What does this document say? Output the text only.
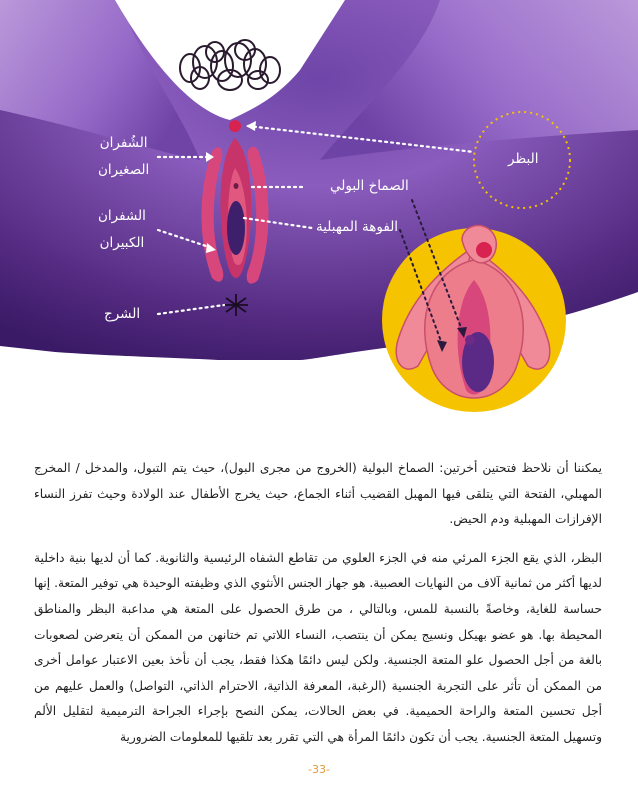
الشُفران
الصغيران
الشفران
الكبيران
الشرج
الصماخ البولي
الفوهة المهبلية
البظر

يمكننا أن نلاحظ فتحتين أخرتين: الصماخ البولية (الخروج من مجرى البول)، حيث يتم التبول، والمدخل / المخرج المهبلي، الفتحة التي يتلقى فيها المهبل القضيب أثناء الجماع، حيث يخرج الأطفال عند الولادة وحيث تفرز النساء الإفرازات المهبلية ودم الحيض.

البظر، الذي يقع الجزء المرئي منه في الجزء العلوي من تقاطع الشفاه الرئيسية والثانوية. كما أن لديها بنية داخلية لديها أكثر من ثمانية آلاف من النهايات العصبية. هو جهاز الجنس الأنثوي الذي وظيفته الوحيدة هي توفير المتعة. إنها حساسة للغاية، وخاصةً بالنسبة للمس، وبالتالي ، من طرق الحصول على المتعة هي مداعبة البظر والمناطق المحيطة بها. هو عضو بهيكل ونسيج يمكن أن ينتصب، النساء اللاتي تم ختانهن من الممكن أن يتعرضن لصعوبات بالغة من أجل الحصول علو المتعة الجنسية. ولكن ليس دائمًا هكذا فقط، يجب أن نأخذ بعين الاعتبار عوامل أخرى من الممكن أن تأثر على التجربة الجنسية (الرغبة، المعرفة الذاتية، الاحترام الذاتي، التواصل) والعمل عليهم من أجل تحسين المتعة والراحة الحميمية. في بعض الحالات، يمكن النصح بإجراء الجراحة الترميمية لتقليل الألم وتسهيل المتعة الجنسية. يجب أن تكون دائمًا المرأة هي التي تقرر بعد تلقيها للمعلومات الضرورية

-33-
